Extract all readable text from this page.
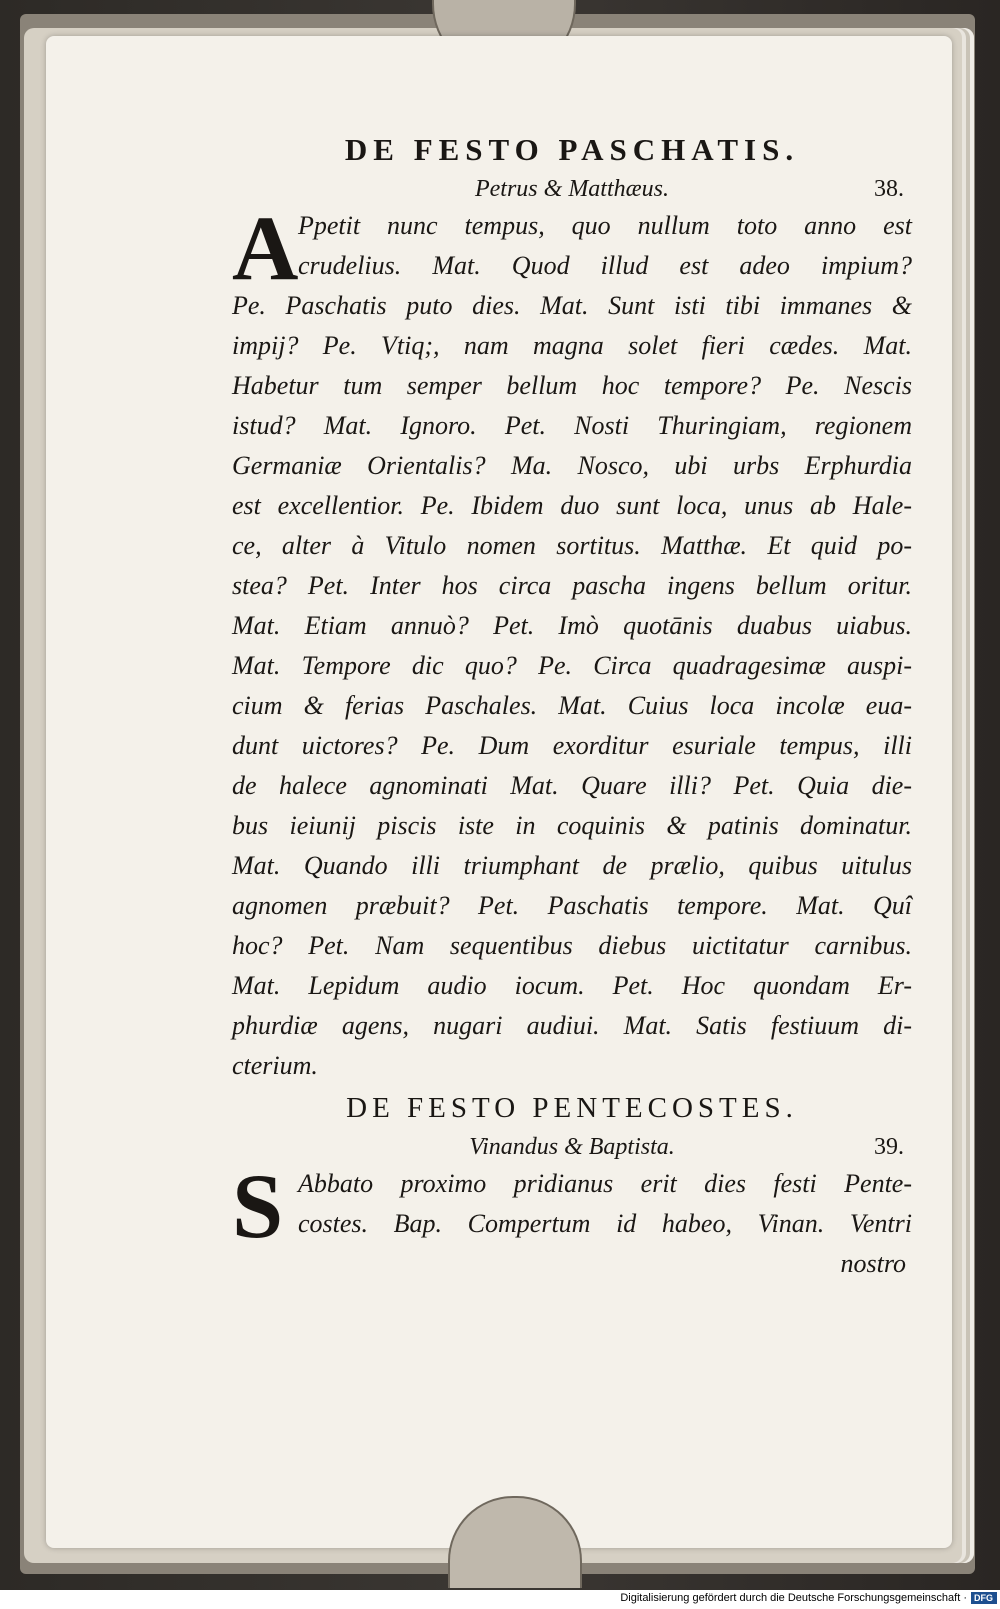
DE FESTO PASCHATIS.
Petrus & Matthæus.	38.
A Ppetit nunc tempus, quo nullum toto anno est
crudelius. Mat. Quod illud est adeo impium?
Pe. Paschatis puto dies. Mat. Sunt isti tibi immanes &
impij? Pe. Vtiq;, nam magna solet fieri cædes. Mat.
Habetur tum semper bellum hoc tempore? Pe. Nescis
istud? Mat. Ignoro. Pet. Nosti Thuringiam, regionem
Germaniæ Orientalis? Ma. Nosco, ubi urbs Erphurdia
est excellentior. Pe. Ibidem duo sunt loca, unus ab Hale-
ce, alter à Vitulo nomen sortitus. Matthæ. Et quid po-
stea? Pet. Inter hos circa pascha ingens bellum oritur.
Mat. Etiam annuò? Pet. Imò quotānis duabus uiabus.
Mat. Tempore dic quo? Pe. Circa quadragesimæ auspi-
cium & ferias Paschales. Mat. Cuius loca incolæ eua-
dunt uictores? Pe. Dum exorditur esuriale tempus, illi
de halece agnominati Mat. Quare illi? Pet. Quia die-
bus ieiunij piscis iste in coquinis & patinis dominatur.
Mat. Quando illi triumphant de prælio, quibus uitulus
agnomen præbuit? Pet. Paschatis tempore. Mat. Quî
hoc? Pet. Nam sequentibus diebus uictitatur carnibus.
Mat. Lepidum audio iocum. Pet. Hoc quondam Er-
phurdiæ agens, nugari audiui. Mat. Satis festiuum di-
cterium.
DE FESTO PENTECOSTES.
Vinandus & Baptista.	39.
S Abbato proximo pridianus erit dies festi Pente-
costes. Bap. Compertum id habeo, Vinan. Ventri
nostro
Digitalisierung gefördert durch die Deutsche Forschungsgemeinschaft · DFG
